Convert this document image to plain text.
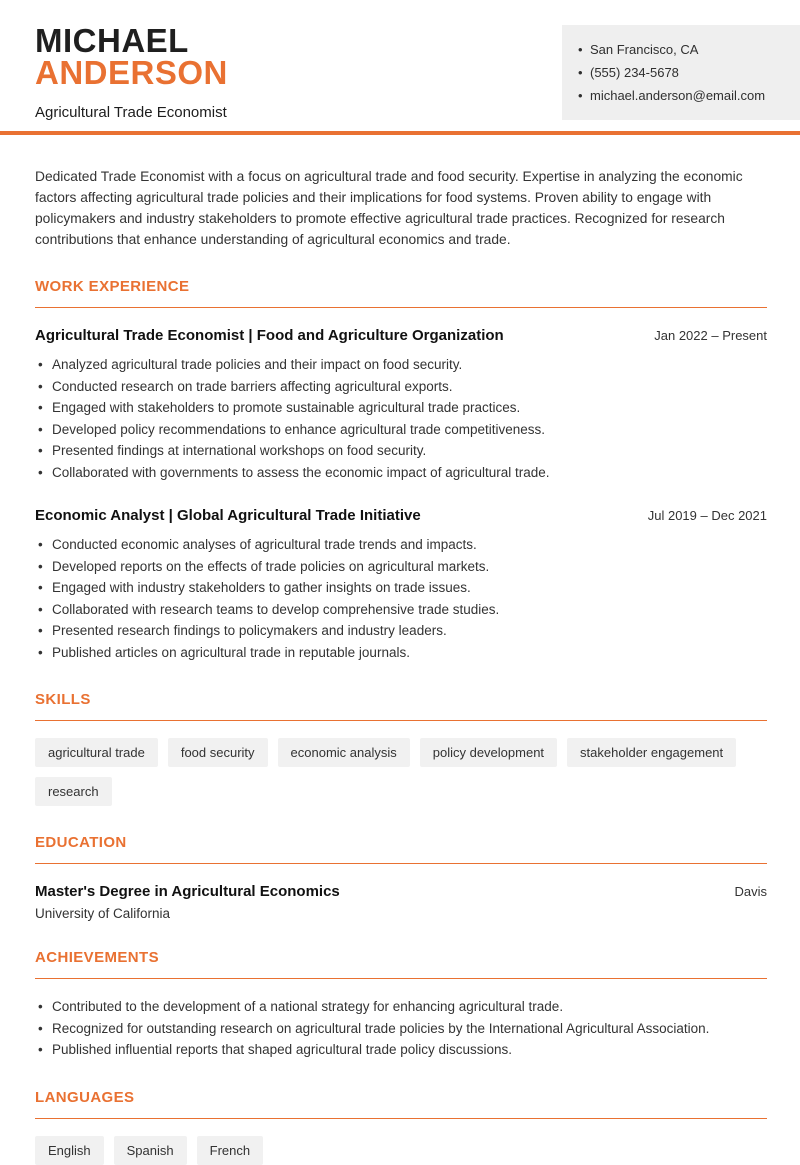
MICHAEL
ANDERSON
Agricultural Trade Economist
• San Francisco, CA
• (555) 234-5678
• michael.anderson@email.com

Dedicated Trade Economist with a focus on agricultural trade and food security. Expertise in analyzing the economic factors affecting agricultural trade policies and their implications for food systems. Proven ability to engage with policymakers and industry stakeholders to promote effective agricultural trade practices. Recognized for research contributions that enhance understanding of agricultural economics and trade.

WORK EXPERIENCE
Agricultural Trade Economist | Food and Agriculture Organization	Jan 2022 – Present
• Analyzed agricultural trade policies and their impact on food security.
• Conducted research on trade barriers affecting agricultural exports.
• Engaged with stakeholders to promote sustainable agricultural trade practices.
• Developed policy recommendations to enhance agricultural trade competitiveness.
• Presented findings at international workshops on food security.
• Collaborated with governments to assess the economic impact of agricultural trade.
Economic Analyst | Global Agricultural Trade Initiative	Jul 2019 – Dec 2021
• Conducted economic analyses of agricultural trade trends and impacts.
• Developed reports on the effects of trade policies on agricultural markets.
• Engaged with industry stakeholders to gather insights on trade issues.
• Collaborated with research teams to develop comprehensive trade studies.
• Presented research findings to policymakers and industry leaders.
• Published articles on agricultural trade in reputable journals.
SKILLS
agricultural trade	food security	economic analysis	policy development	stakeholder engagement
research
EDUCATION
Master's Degree in Agricultural Economics	Davis
University of California
ACHIEVEMENTS
• Contributed to the development of a national strategy for enhancing agricultural trade.
• Recognized for outstanding research on agricultural trade policies by the International Agricultural Association.
• Published influential reports that shaped agricultural trade policy discussions.
LANGUAGES
English	Spanish	French
